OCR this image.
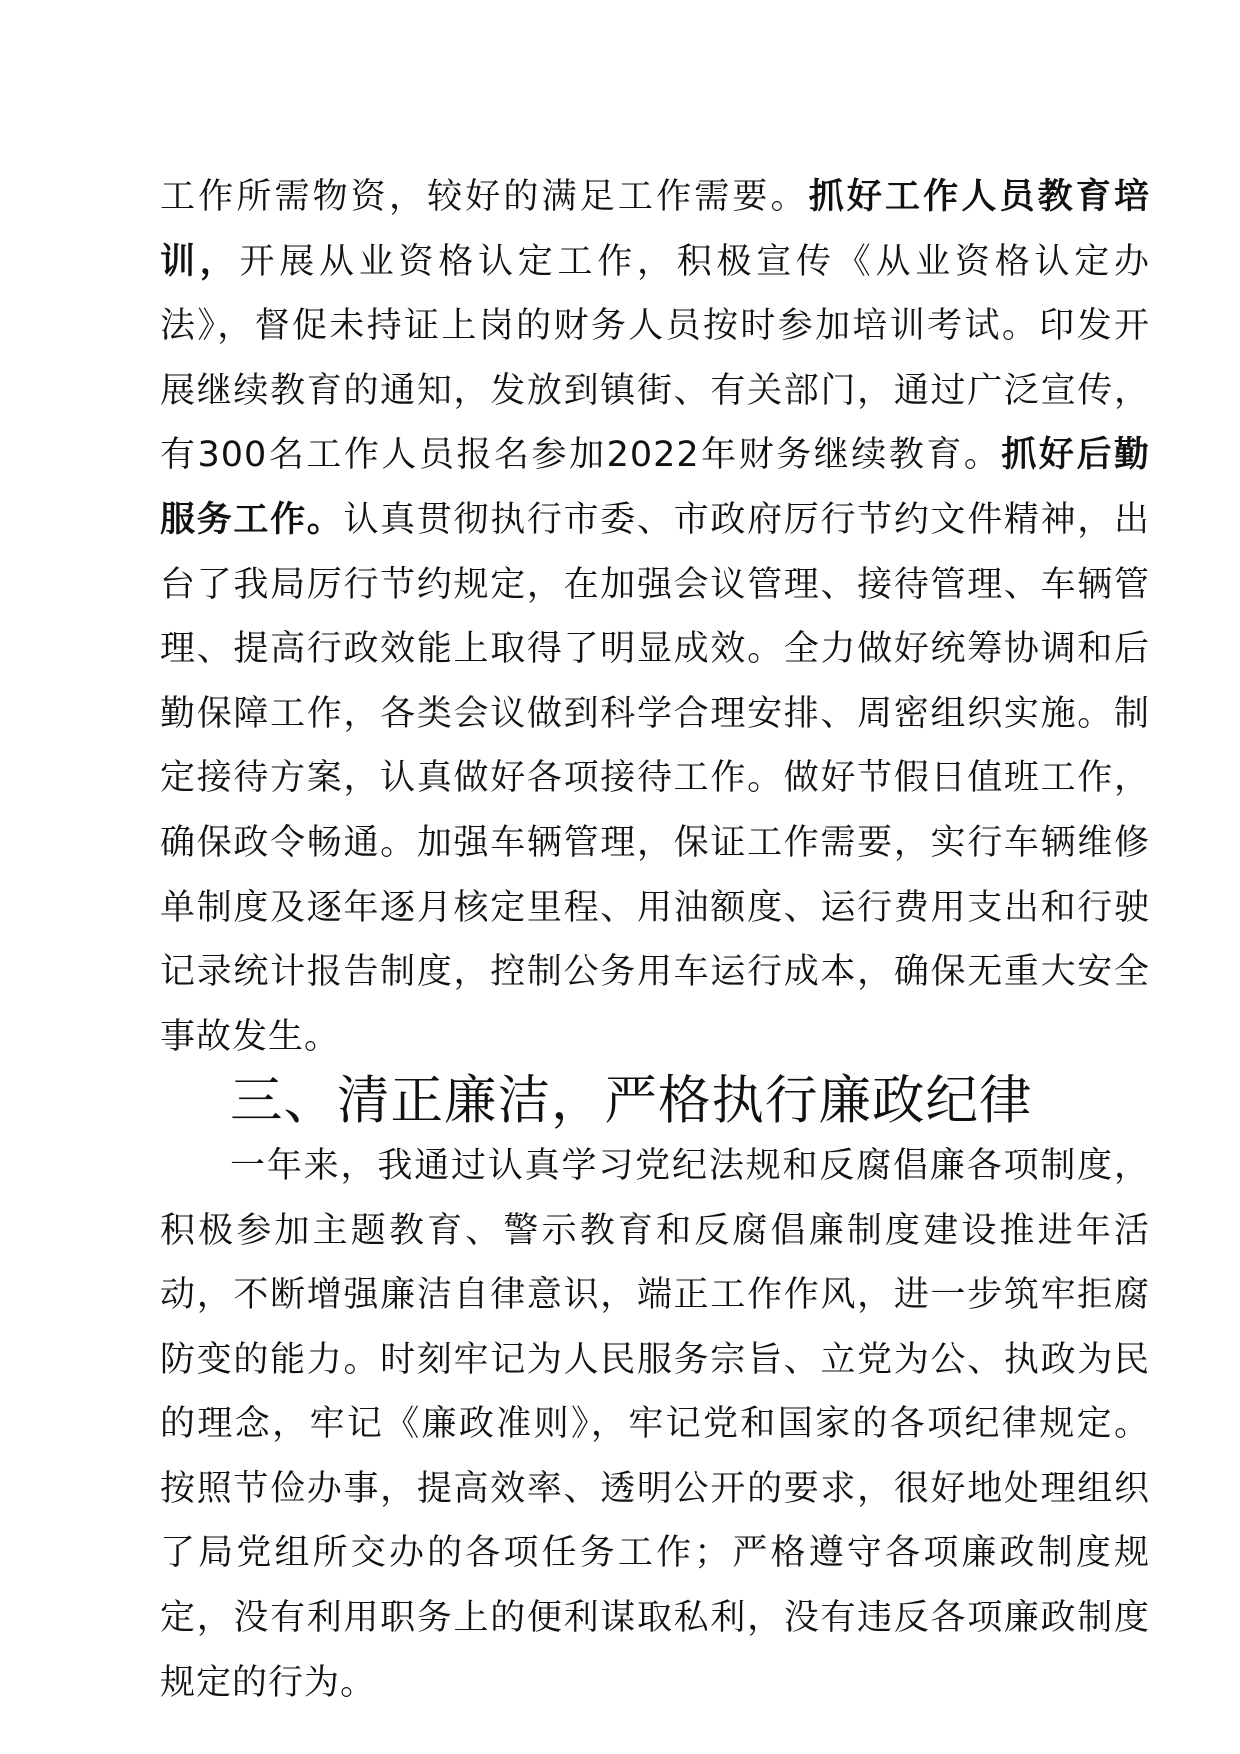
工作所需物资，较好的满足工作需要。抓好工作人员教育培训，开展从业资格认定工作，积极宣传《从业资格认定办法》，督促未持证上岗的财务人员按时参加培训考试。印发开展继续教育的通知，发放到镇街、有关部门，通过广泛宣传，有300名工作人员报名参加2022年财务继续教育。抓好后勤服务工作。认真贯彻执行市委、市政府厉行节约文件精神，出台了我局厉行节约规定，在加强会议管理、接待管理、车辆管理、提高行政效能上取得了明显成效。全力做好统筹协调和后勤保障工作，各类会议做到科学合理安排、周密组织实施。制定接待方案，认真做好各项接待工作。做好节假日值班工作，确保政令畅通。加强车辆管理，保证工作需要，实行车辆维修单制度及逐年逐月核定里程、用油额度、运行费用支出和行驶记录统计报告制度，控制公务用车运行成本，确保无重大安全事故发生。

三、清正廉洁，严格执行廉政纪律

一年来，我通过认真学习党纪法规和反腐倡廉各项制度，积极参加主题教育、警示教育和反腐倡廉制度建设推进年活动，不断增强廉洁自律意识，端正工作作风，进一步筑牢拒腐防变的能力。时刻牢记为人民服务宗旨、立党为公、执政为民的理念，牢记《廉政准则》，牢记党和国家的各项纪律规定。按照节俭办事，提高效率、透明公开的要求，很好地处理组织了局党组所交办的各项任务工作；严格遵守各项廉政制度规定，没有利用职务上的便利谋取私利，没有违反各项廉政制度规定的行为。
